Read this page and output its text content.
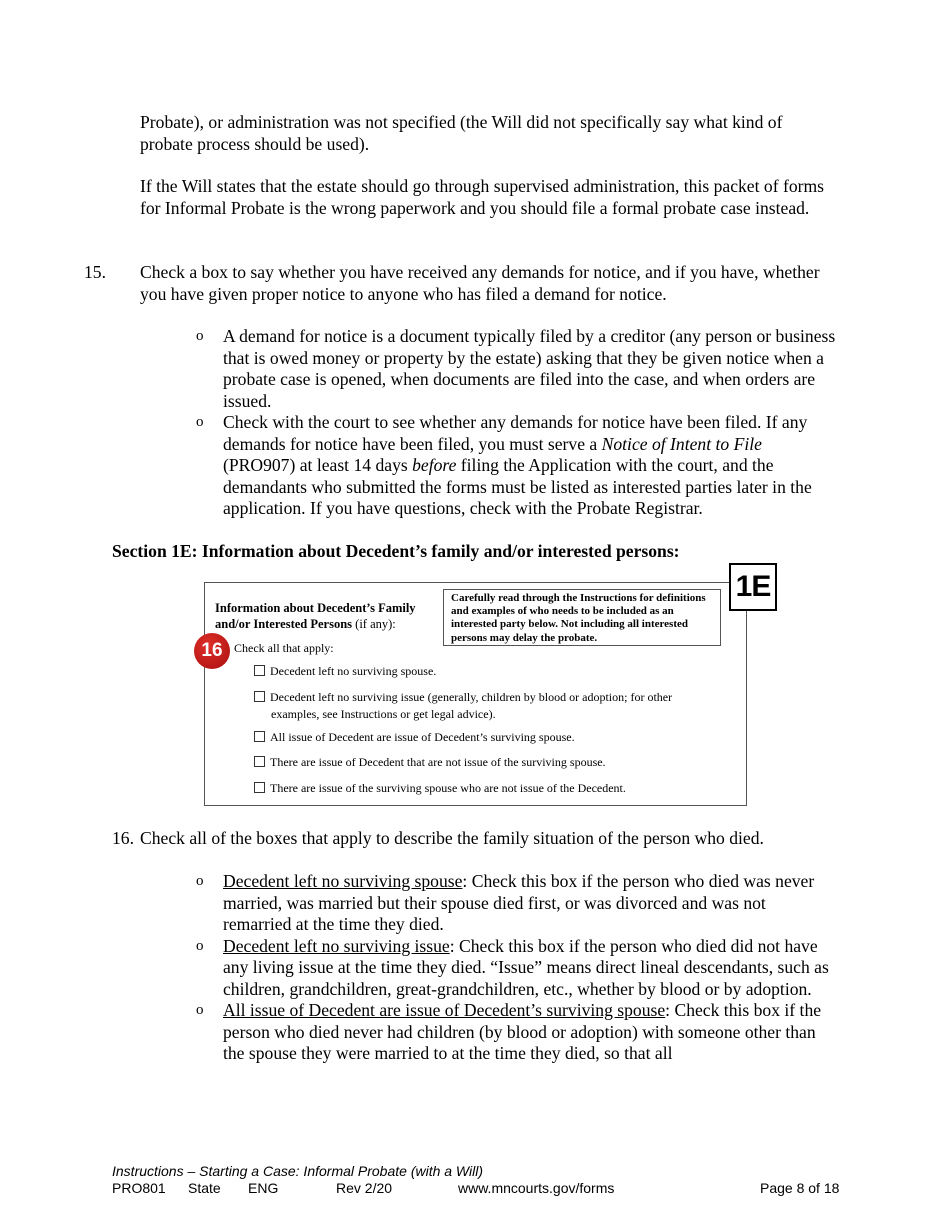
Probate), or administration was not specified (the Will did not specifically say what kind of
probate process should be used).
If the Will states that the estate should go through supervised administration, this packet of forms for Informal Probate is the wrong paperwork and you should file a formal probate case instead.
15. Check a box to say whether you have received any demands for notice, and if you have, whether you have given proper notice to anyone who has filed a demand for notice.
o A demand for notice is a document typically filed by a creditor (any person or business that is owed money or property by the estate) asking that they be given notice when a probate case is opened, when documents are filed into the case, and when orders are issued.
o Check with the court to see whether any demands for notice have been filed. If any demands for notice have been filed, you must serve a Notice of Intent to File (PRO907) at least 14 days before filing the Application with the court, and the demandants who submitted the forms must be listed as interested parties later in the application. If you have questions, check with the Probate Registrar.
Section 1E: Information about Decedent’s family and/or interested persons:
Information about Decedent’s Family and/or Interested Persons (if any):
Carefully read through the Instructions for definitions and examples of who needs to be included as an interested party below. Not including all interested persons may delay the probate.
1E
16 Check all that apply:
Decedent left no surviving spouse.
Decedent left no surviving issue (generally, children by blood or adoption; for other
examples, see Instructions or get legal advice).
All issue of Decedent are issue of Decedent’s surviving spouse.
There are issue of Decedent that are not issue of the surviving spouse.
There are issue of the surviving spouse who are not issue of the Decedent.
16. Check all of the boxes that apply to describe the family situation of the person who died.
o Decedent left no surviving spouse: Check this box if the person who died was never married, was married but their spouse died first, or was divorced and was not remarried at the time they died.
o Decedent left no surviving issue: Check this box if the person who died did not have any living issue at the time they died. “Issue” means direct lineal descendants, such as children, grandchildren, great-grandchildren, etc., whether by blood or by adoption.
o All issue of Decedent are issue of Decedent’s surviving spouse: Check this box if the person who died never had children (by blood or adoption) with someone other than the spouse they were married to at the time they died, so that all
Instructions – Starting a Case: Informal Probate (with a Will)
PRO801 State ENG	Rev 2/20	www.mncourts.gov/forms	Page 8 of 18
